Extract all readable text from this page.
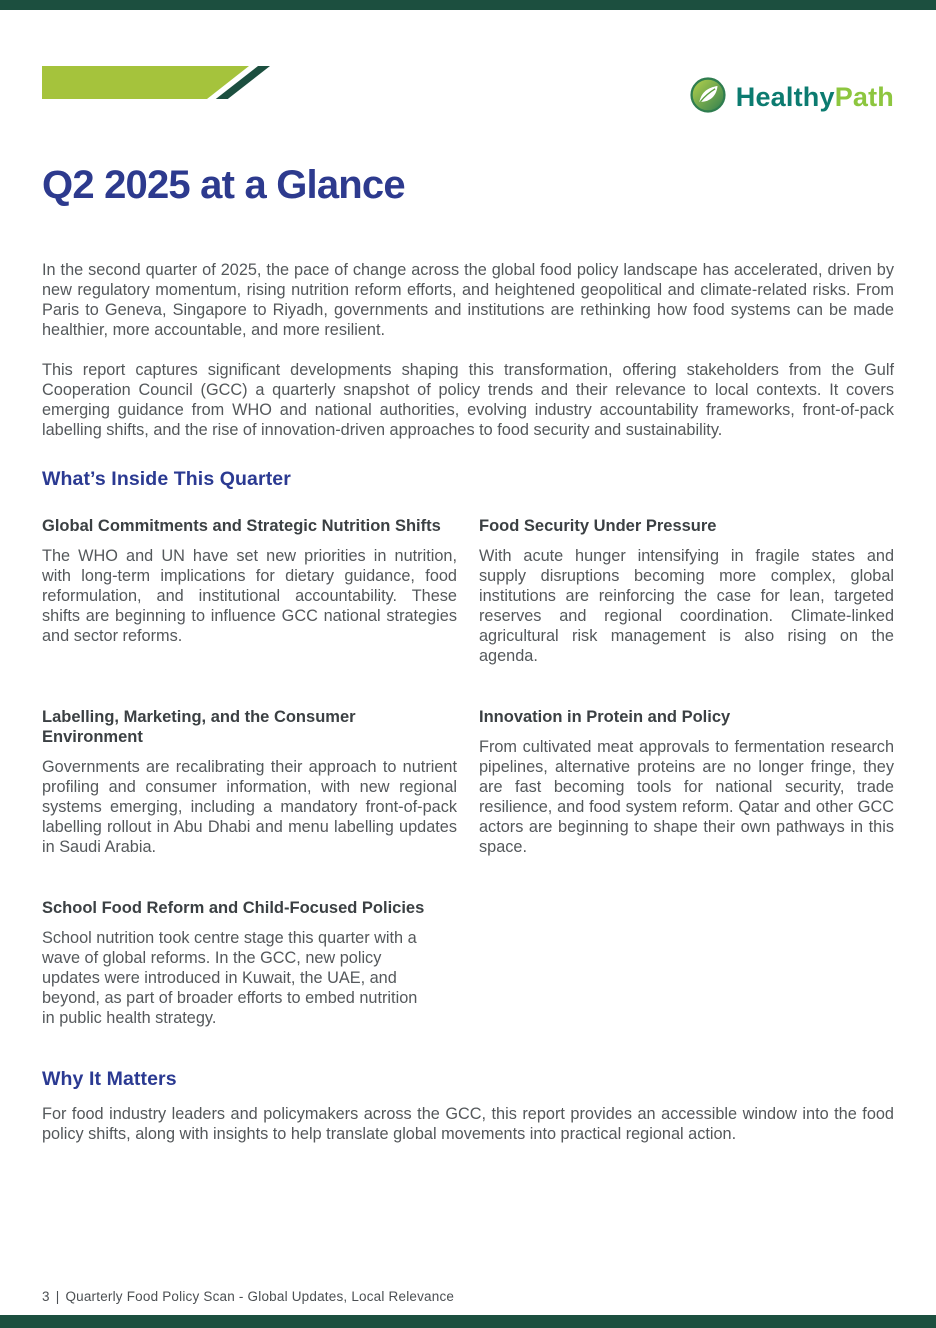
HealthyPath
Q2 2025 at a Glance

In the second quarter of 2025, the pace of change across the global food policy landscape has accelerated, driven by new regulatory momentum, rising nutrition reform efforts, and heightened geopolitical and climate-related risks. From Paris to Geneva, Singapore to Riyadh, governments and institutions are rethinking how food systems can be made healthier, more accountable, and more resilient.

This report captures significant developments shaping this transformation, offering stakeholders from the Gulf Cooperation Council (GCC) a quarterly snapshot of policy trends and their relevance to local contexts. It covers emerging guidance from WHO and national authorities, evolving industry accountability frameworks, front-of-pack labelling shifts, and the rise of innovation-driven approaches to food security and sustainability.

What’s Inside This Quarter
Global Commitments and Strategic Nutrition Shifts
The WHO and UN have set new priorities in nutrition, with long-term implications for dietary guidance, food reformulation, and institutional accountability. These shifts are beginning to influence GCC national strategies and sector reforms.
Food Security Under Pressure
With acute hunger intensifying in fragile states and supply disruptions becoming more complex, global institutions are reinforcing the case for lean, targeted reserves and regional coordination. Climate-linked agricultural risk management is also rising on the agenda.
Labelling, Marketing, and the Consumer Environment
Governments are recalibrating their approach to nutrient profiling and consumer information, with new regional systems emerging, including a mandatory front-of-pack labelling rollout in Abu Dhabi and menu labelling updates in Saudi Arabia.
Innovation in Protein and Policy
From cultivated meat approvals to fermentation research pipelines, alternative proteins are no longer fringe, they are fast becoming tools for national security, trade resilience, and food system reform. Qatar and other GCC actors are beginning to shape their own pathways in this space.
School Food Reform and Child-Focused Policies
School nutrition took centre stage this quarter with a wave of global reforms. In the GCC, new policy updates were introduced in Kuwait, the UAE, and beyond, as part of broader efforts to embed nutrition in public health strategy.
Why It Matters

For food industry leaders and policymakers across the GCC, this report provides an accessible window into the food policy shifts, along with insights to help translate global movements into practical regional action.

3 | Quarterly Food Policy Scan - Global Updates, Local Relevance
